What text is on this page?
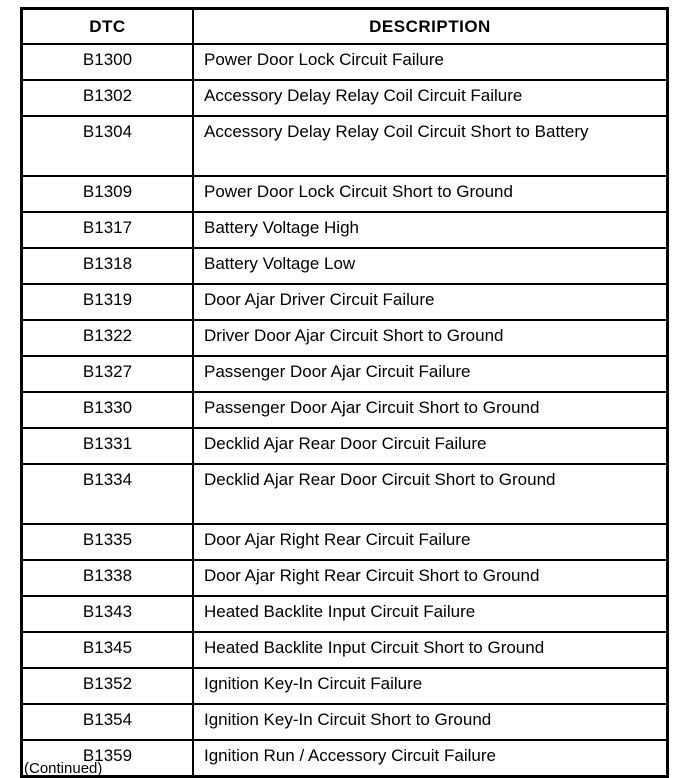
DTC	DESCRIPTION
B1300	Power Door Lock Circuit Failure
B1302	Accessory Delay Relay Coil Circuit Failure
B1304	Accessory Delay Relay Coil Circuit Short to Battery
B1309	Power Door Lock Circuit Short to Ground
B1317	Battery Voltage High
B1318	Battery Voltage Low
B1319	Door Ajar Driver Circuit Failure
B1322	Driver Door Ajar Circuit Short to Ground
B1327	Passenger Door Ajar Circuit Failure
B1330	Passenger Door Ajar Circuit Short to Ground
B1331	Decklid Ajar Rear Door Circuit Failure
B1334	Decklid Ajar Rear Door Circuit Short to Ground
B1335	Door Ajar Right Rear Circuit Failure
B1338	Door Ajar Right Rear Circuit Short to Ground
B1343	Heated Backlite Input Circuit Failure
B1345	Heated Backlite Input Circuit Short to Ground
B1352	Ignition Key-In Circuit Failure
B1354	Ignition Key-In Circuit Short to Ground
B1359	Ignition Run / Accessory Circuit Failure
(Continued)
